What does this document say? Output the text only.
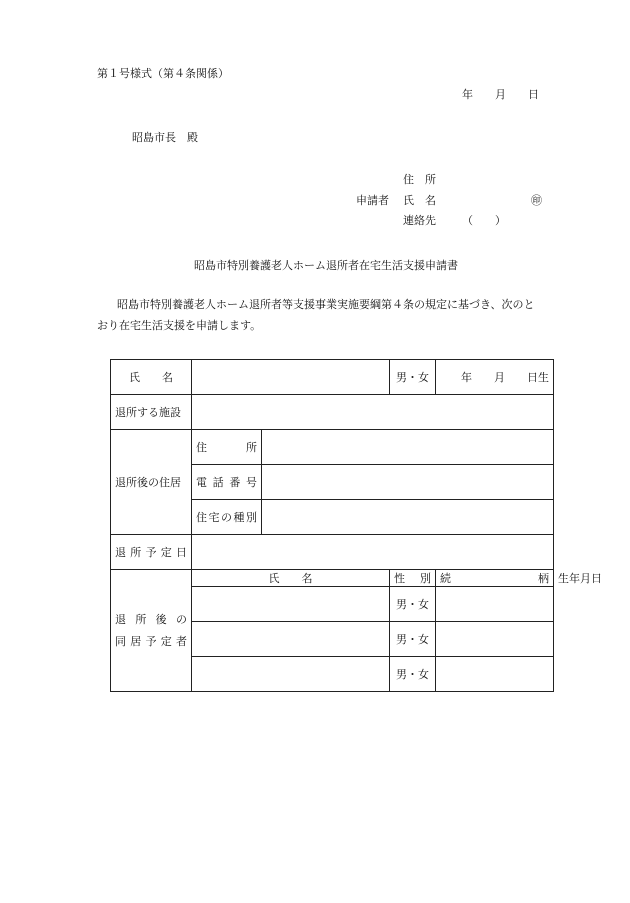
第１号様式（第４条関係）
年　　月　　日
昭島市長　殿
住　所
申請者 氏　名	㊞
連絡先 （　　）
昭島市特別養護老人ホーム退所者在宅生活支援申請書
昭島市特別養護老人ホーム退所者等支援事業実施要綱第４条の規定に基づき、次のと
おり在宅生活支援を申請します。
氏　　名			男・女	年　　月　　日生	
退所する施設					
退所後の住居	住所				
	電話番号				
	住宅の種別				
退所予定日					

退所後の
同居予定者	氏　　名		性別	続柄	生年月日
			男・女		
			男・女		
			男・女		
